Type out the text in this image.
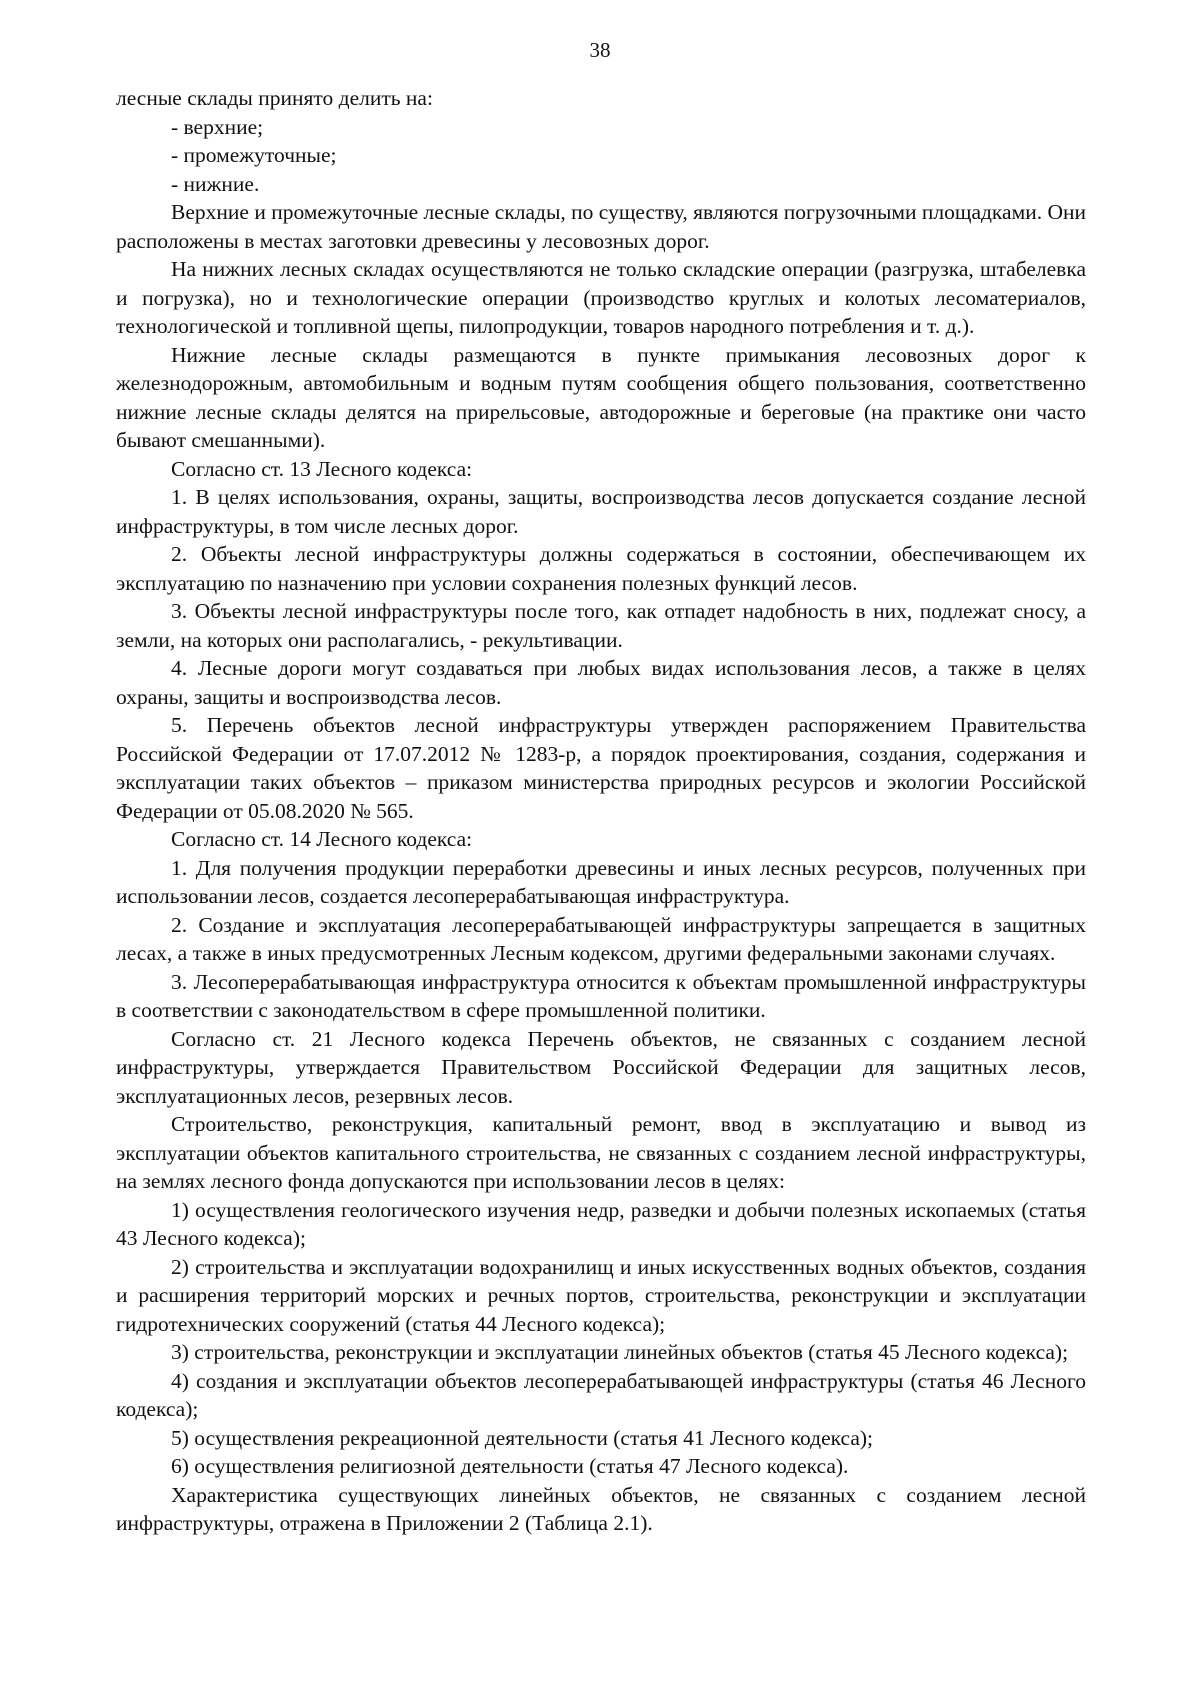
38

лесные склады принято делить на:

- верхние;

- промежуточные;

- нижние.

Верхние и промежуточные лесные склады, по существу, являются погрузочными площадками. Они расположены в местах заготовки древесины у лесовозных дорог.

На нижних лесных складах осуществляются не только складские операции (разгрузка, штабелевка и погрузка), но и технологические операции (производство круглых и колотых лесоматериалов, технологической и топливной щепы, пилопродукции, товаров народного потребления и т. д.).

Нижние лесные склады размещаются в пункте примыкания лесовозных дорог к железнодорожным, автомобильным и водным путям сообщения общего пользования, соответственно нижние лесные склады делятся на прирельсовые, автодорожные и береговые (на практике они часто бывают смешанными).

Согласно ст. 13 Лесного кодекса:

1. В целях использования, охраны, защиты, воспроизводства лесов допускается создание лесной инфраструктуры, в том числе лесных дорог.

2. Объекты лесной инфраструктуры должны содержаться в состоянии, обеспечивающем их эксплуатацию по назначению при условии сохранения полезных функций лесов.

3. Объекты лесной инфраструктуры после того, как отпадет надобность в них, подлежат сносу, а земли, на которых они располагались, - рекультивации.

4. Лесные дороги могут создаваться при любых видах использования лесов, а также в целях охраны, защиты и воспроизводства лесов.

5. Перечень объектов лесной инфраструктуры утвержден распоряжением Правительства Российской Федерации от 17.07.2012 № 1283-р, а порядок проектирования, создания, содержания и эксплуатации таких объектов – приказом министерства природных ресурсов и экологии Российской Федерации от 05.08.2020 № 565.

Согласно ст. 14 Лесного кодекса:

1. Для получения продукции переработки древесины и иных лесных ресурсов, полученных при использовании лесов, создается лесоперерабатывающая инфраструктура.

2. Создание и эксплуатация лесоперерабатывающей инфраструктуры запрещается в защитных лесах, а также в иных предусмотренных Лесным кодексом, другими федеральными законами случаях.

3. Лесоперерабатывающая инфраструктура относится к объектам промышленной инфраструктуры в соответствии с законодательством в сфере промышленной политики.

Согласно ст. 21 Лесного кодекса Перечень объектов, не связанных с созданием лесной инфраструктуры, утверждается Правительством Российской Федерации для защитных лесов, эксплуатационных лесов, резервных лесов.

Строительство, реконструкция, капитальный ремонт, ввод в эксплуатацию и вывод из эксплуатации объектов капитального строительства, не связанных с созданием лесной инфраструктуры, на землях лесного фонда допускаются при использовании лесов в целях:

1) осуществления геологического изучения недр, разведки и добычи полезных ископаемых (статья 43 Лесного кодекса);

2) строительства и эксплуатации водохранилищ и иных искусственных водных объектов, создания и расширения территорий морских и речных портов, строительства, реконструкции и эксплуатации гидротехнических сооружений (статья 44 Лесного кодекса);

3) строительства, реконструкции и эксплуатации линейных объектов (статья 45 Лесного кодекса);

4) создания и эксплуатации объектов лесоперерабатывающей инфраструктуры (статья 46 Лесного кодекса);

5) осуществления рекреационной деятельности (статья 41 Лесного кодекса);

6) осуществления религиозной деятельности (статья 47 Лесного кодекса).

Характеристика существующих линейных объектов, не связанных с созданием лесной инфраструктуры, отражена в Приложении 2 (Таблица 2.1).
